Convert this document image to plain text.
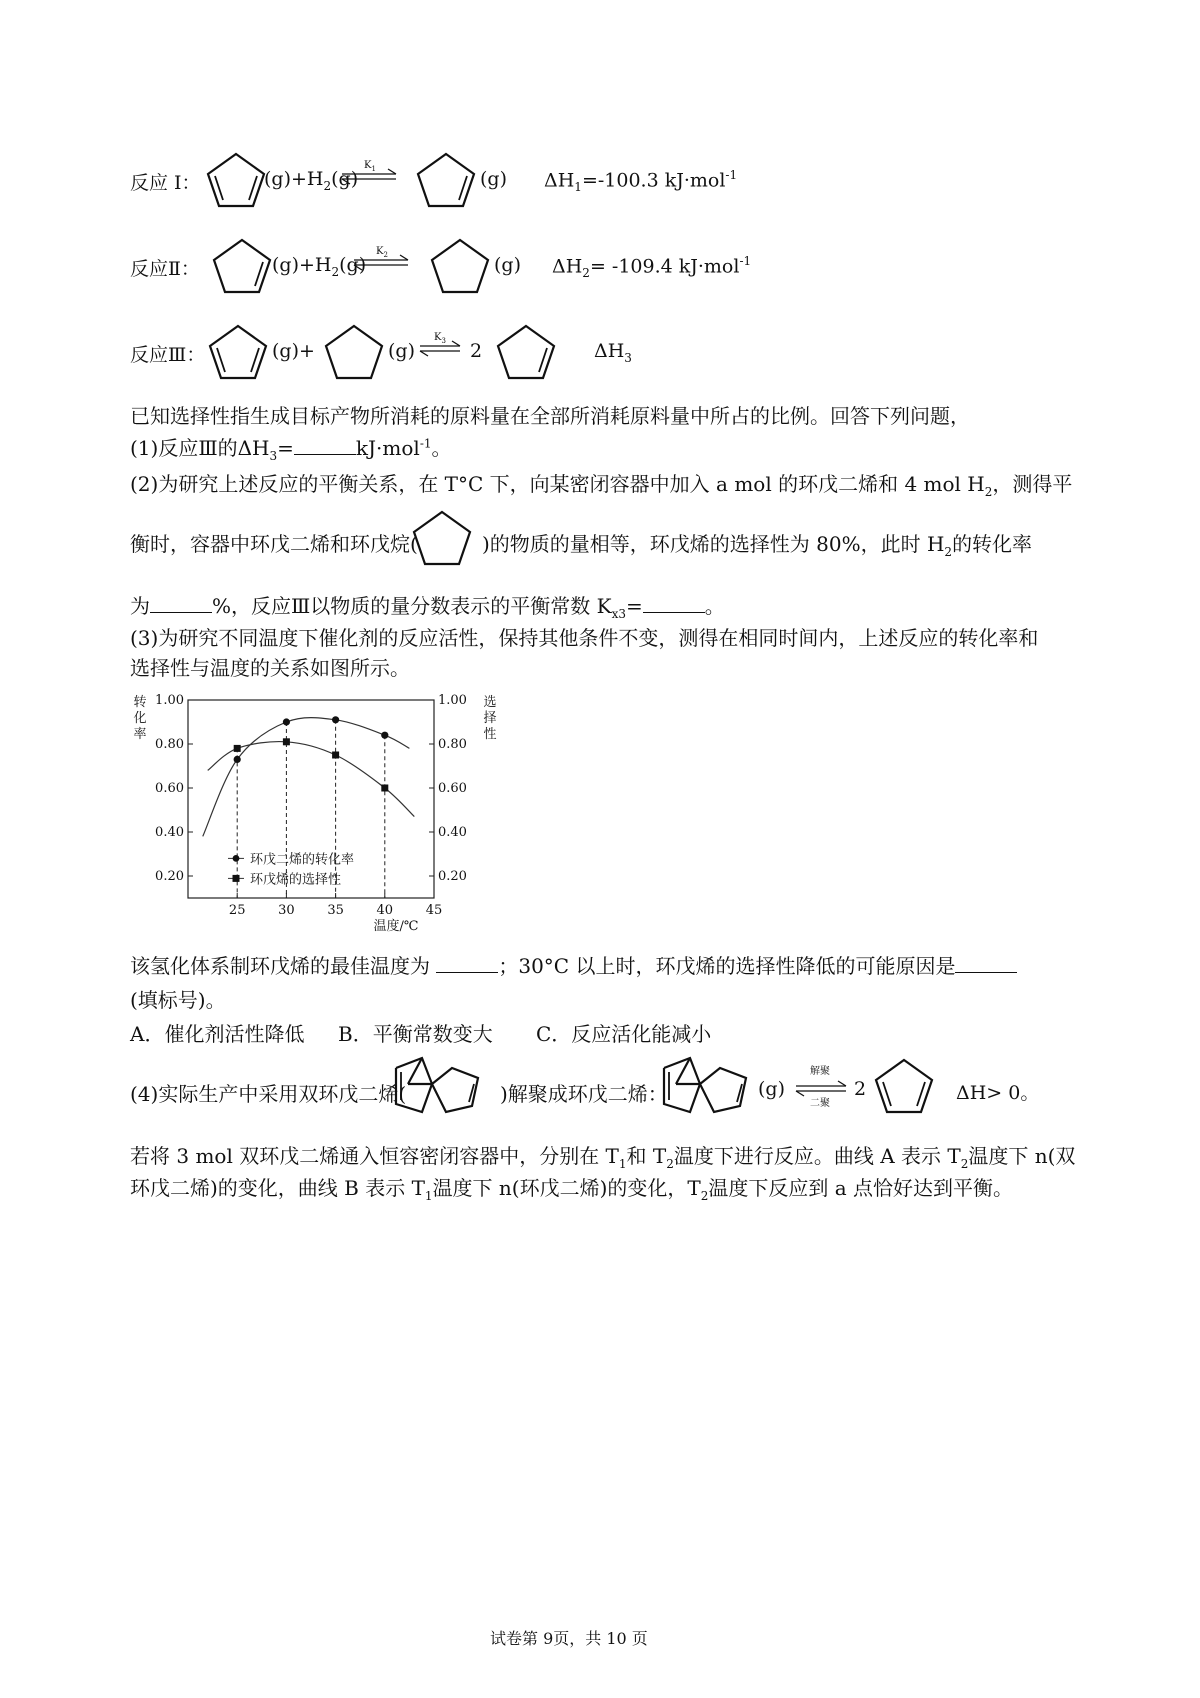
反应 I：	$(g)+H_2(g)$
$K_1$	(g) $\Delta H_1=-100.3$ kJ·mol$^{-1}$
反应Ⅱ：	$(g)+H_2(g)$
$K_2$	(g) $\Delta H_2= -109.4$ kJ·mol$^{-1}$
反应Ⅲ：	(g)+	(g) ⇌
$K_3$ 2	$\Delta H_3$
已知选择性指生成目标产物所消耗的原料量在全部所消耗原料量中所占的比例。回答下列问题，
(1)反应Ⅲ的$\Delta H_3=$	kJ·mol$^{-1}$。
(2)为研究上述反应的平衡关系，在 T°C 下，向某密闭容器中加入 a mol 的环戊二烯和 4 mol $H_2$，测得平
衡时，容器中环戊二烯和环戊烷(	)的物质的量相等，环戊烯的选择性为 80%，此时 $H_2$的转化率
为	%，反应Ⅲ以物质的量分数表示的平衡常数 $K_{x3}=$	。
(3)为研究不同温度下催化剂的反应活性，保持其他条件不变，测得在相同时间内，上述反应的转化率和
选择性与温度的关系如图所示。
温度/℃
0.20	0.20
0.40	0.40
0.60	0.60
0.80	0.80
1.00	1.00
25	30	35	40	45
转
化
率
选
择
性
环戊二烯的转化率
环戊烯的选择性
该氢化体系制环戊烯的最佳温度为	；30°C 以上时，环戊烯的选择性降低的可能原因是
(填标号)。
A．催化剂活性降低 B．平衡常数变大 C．反应活化能减小
(4)实际生产中采用双环戊二烯(	)解聚成环戊二烯：	(g) ⇌
解聚
二聚
2	ΔH> 0。
若将 3 mol 双环戊二烯通入恒容密闭容器中，分别在 $T_1$和 $T_2$温度下进行反应。曲线 A 表示 $T_2$温度下 n(双
环戊二烯)的变化，曲线 B 表示 $T_1$温度下 n(环戊二烯)的变化，$T_2$温度下反应到 a 点恰好达到平衡。
试卷第 9页，共 10 页
